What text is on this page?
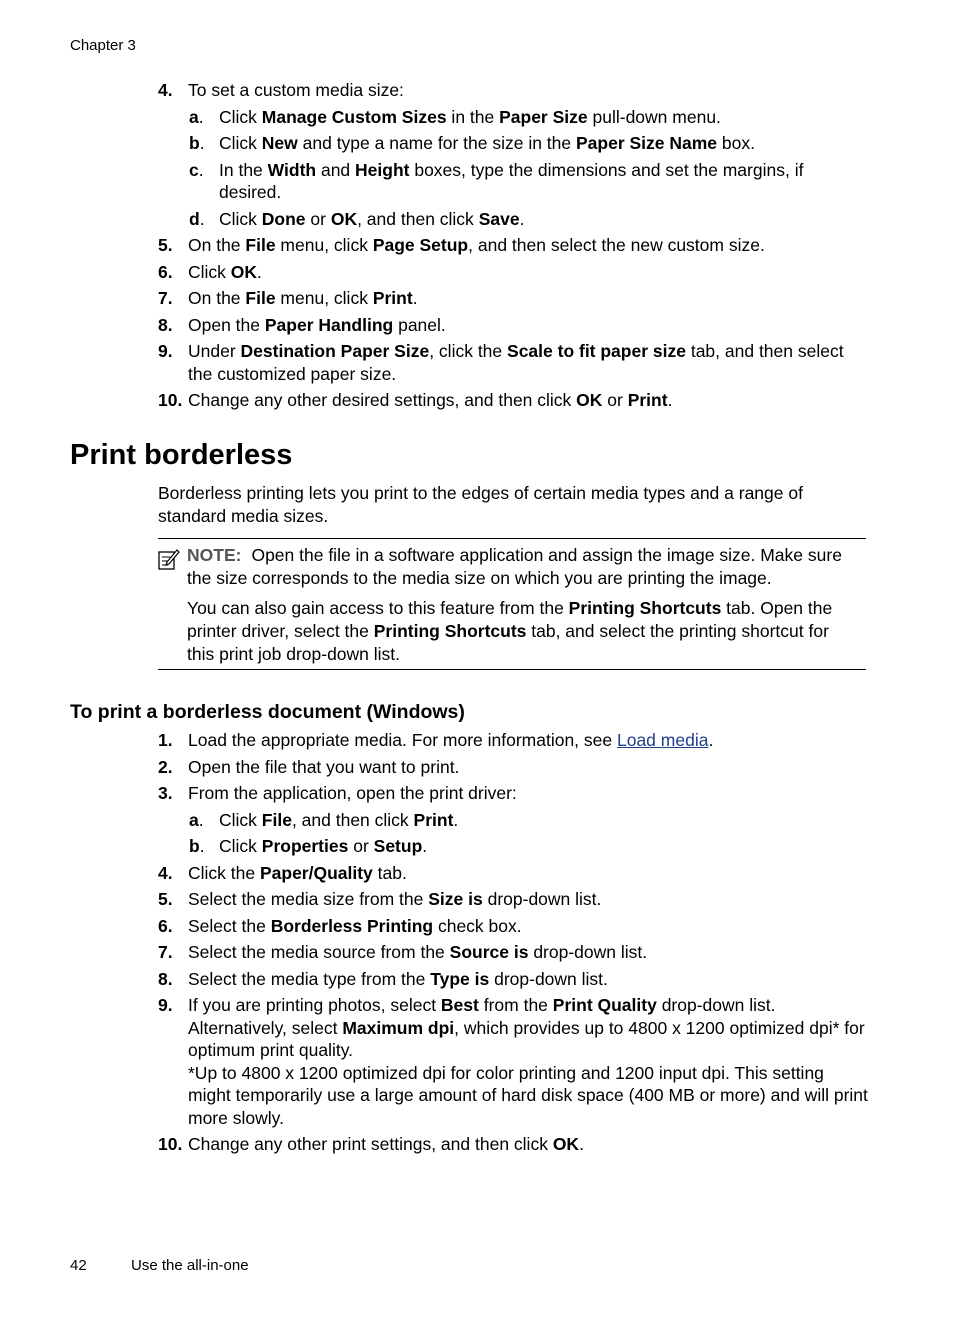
Chapter 3
4. To set a custom media size:
a. Click Manage Custom Sizes in the Paper Size pull-down menu.
b. Click New and type a name for the size in the Paper Size Name box.
c. In the Width and Height boxes, type the dimensions and set the margins, if desired.
d. Click Done or OK, and then click Save.
5. On the File menu, click Page Setup, and then select the new custom size.
6. Click OK.
7. On the File menu, click Print.
8. Open the Paper Handling panel.
9. Under Destination Paper Size, click the Scale to fit paper size tab, and then select the customized paper size.
10. Change any other desired settings, and then click OK or Print.
Print borderless

Borderless printing lets you print to the edges of certain media types and a range of standard media sizes.

NOTE: Open the file in a software application and assign the image size. Make sure the size corresponds to the media size on which you are printing the image.

You can also gain access to this feature from the Printing Shortcuts tab. Open the printer driver, select the Printing Shortcuts tab, and select the printing shortcut for this print job drop-down list.

To print a borderless document (Windows)
1. Load the appropriate media. For more information, see Load media.
2. Open the file that you want to print.
3. From the application, open the print driver:
a. Click File, and then click Print.
b. Click Properties or Setup.
4. Click the Paper/Quality tab.
5. Select the media size from the Size is drop-down list.
6. Select the Borderless Printing check box.
7. Select the media source from the Source is drop-down list.
8. Select the media type from the Type is drop-down list.
9. If you are printing photos, select Best from the Print Quality drop-down list. Alternatively, select Maximum dpi, which provides up to 4800 x 1200 optimized dpi* for optimum print quality.
*Up to 4800 x 1200 optimized dpi for color printing and 1200 input dpi. This setting might temporarily use a large amount of hard disk space (400 MB or more) and will print more slowly.
10. Change any other print settings, and then click OK.
42	Use the all-in-one
